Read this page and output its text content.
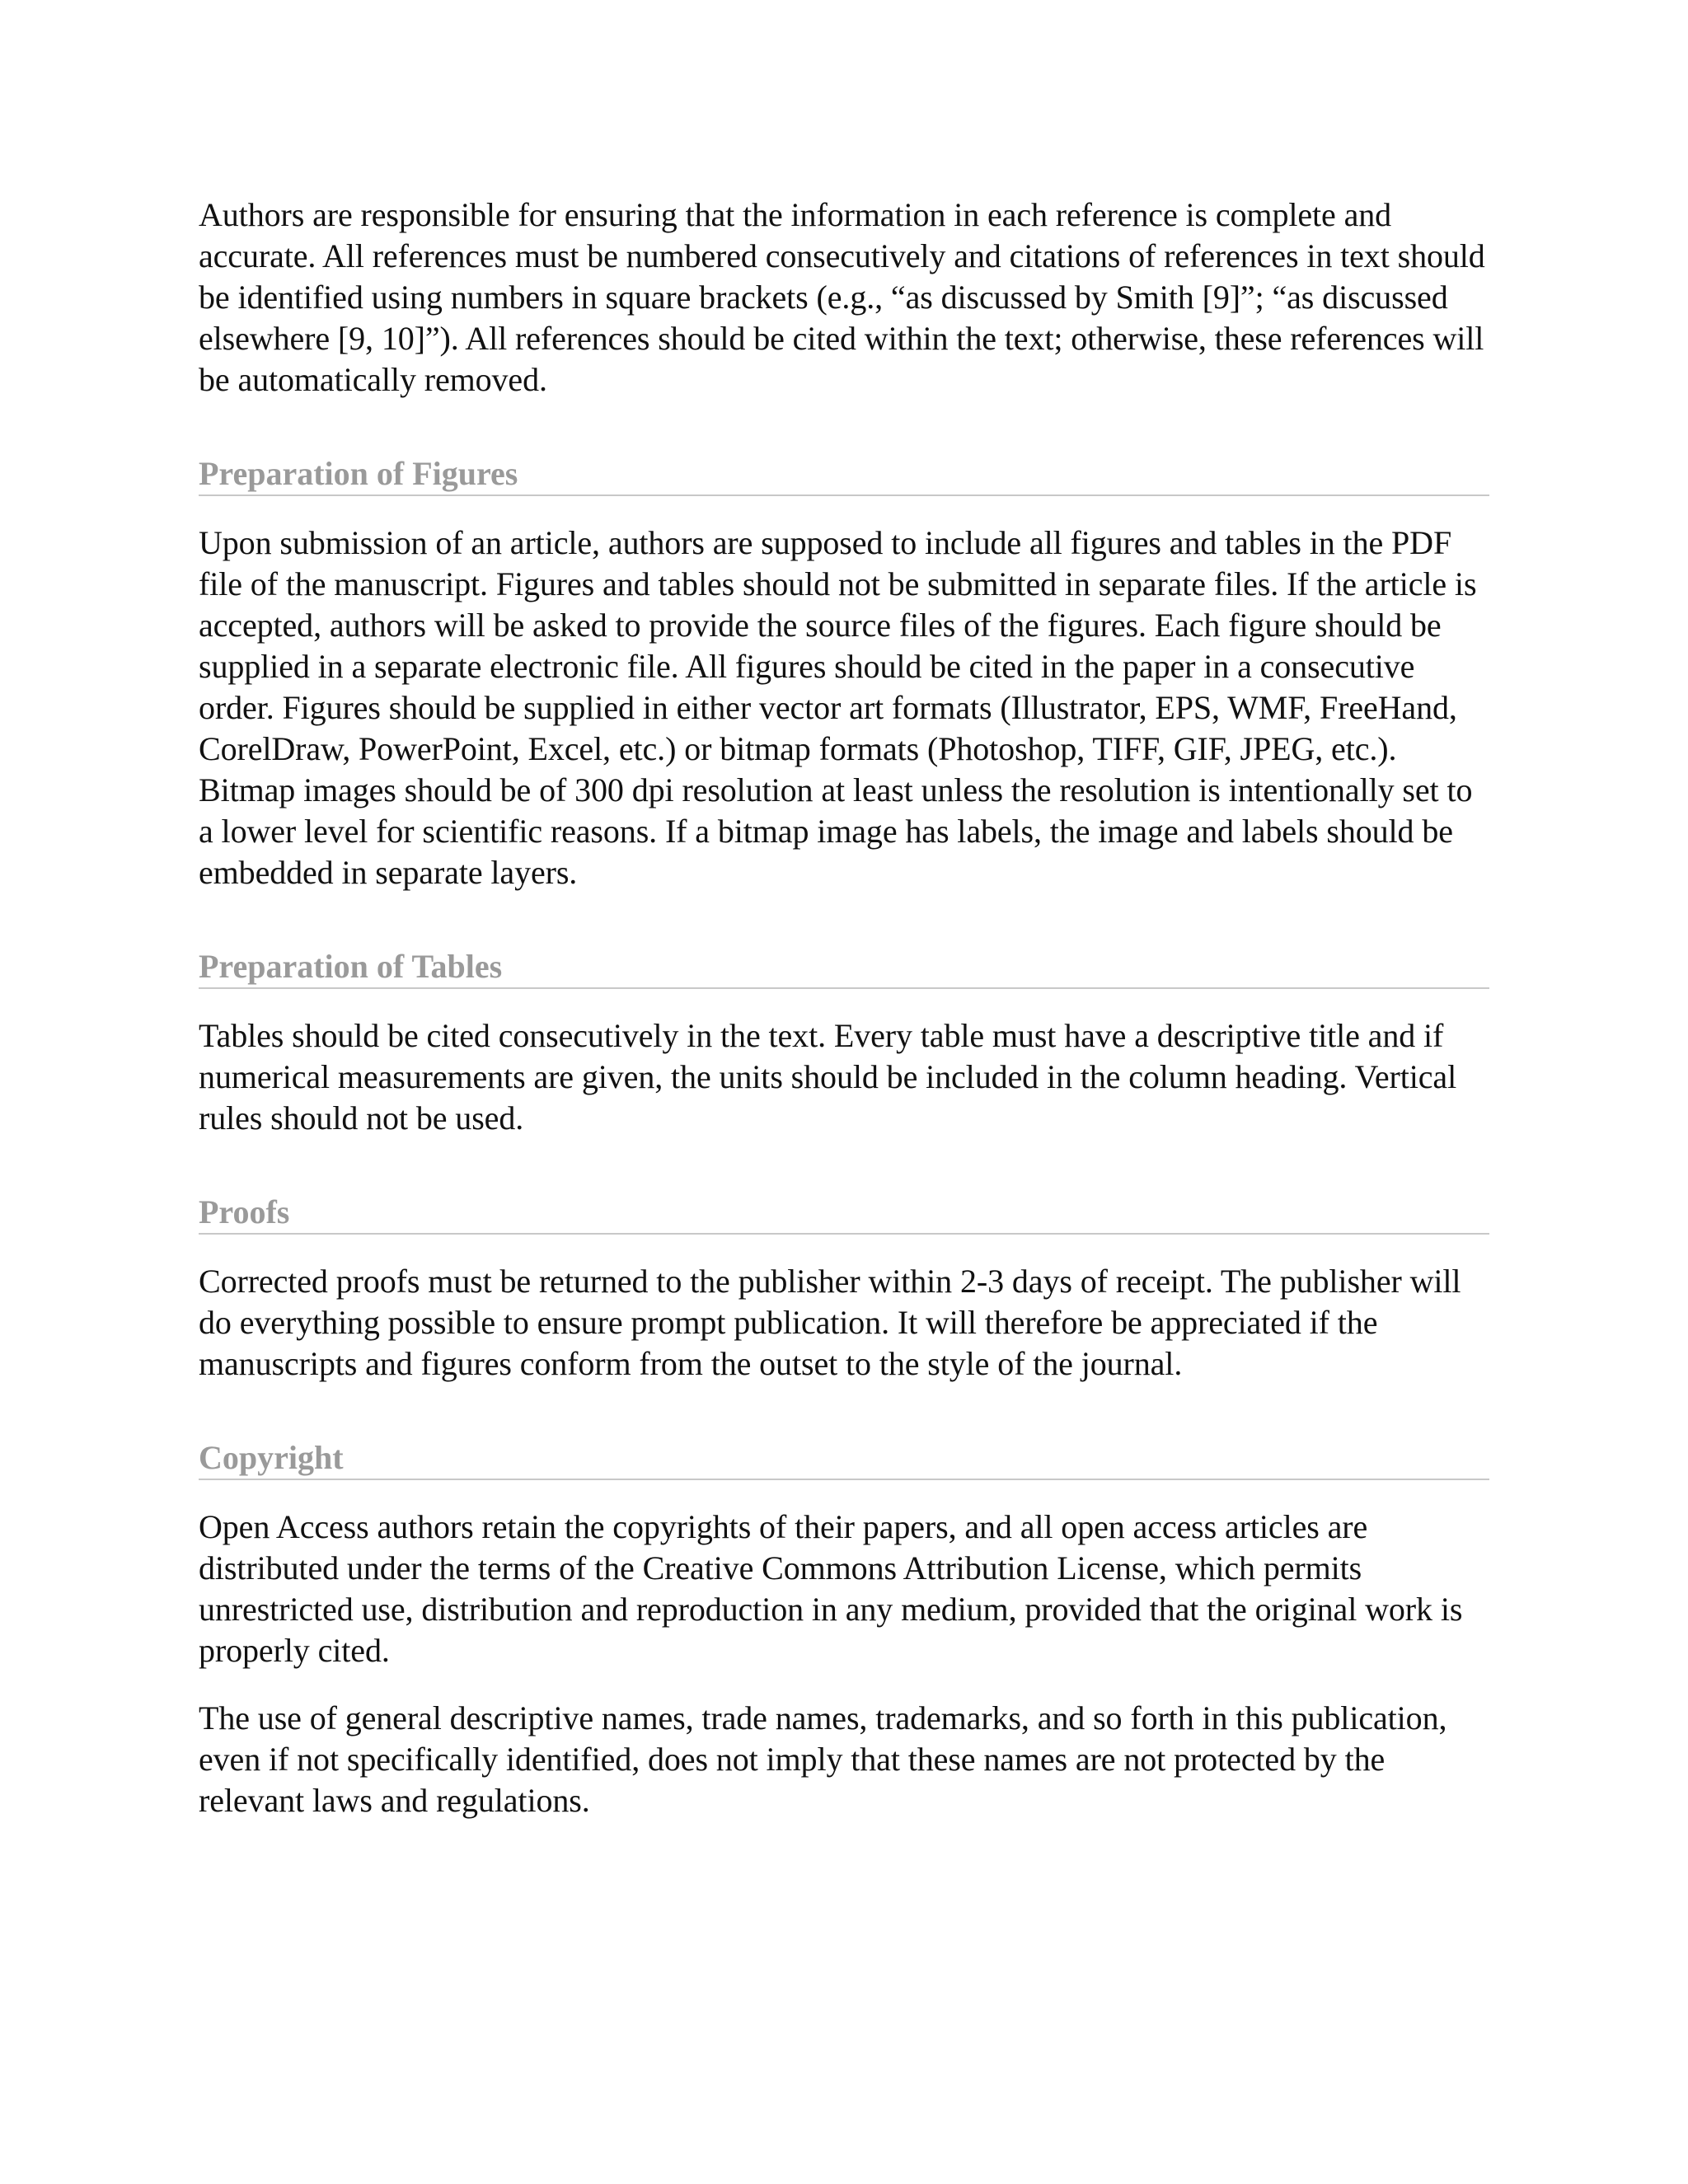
Authors are responsible for ensuring that the information in each reference is complete and accurate. All references must be numbered consecutively and citations of references in text should be identified using numbers in square brackets (e.g., “as discussed by Smith [9]”; “as discussed elsewhere [9, 10]”). All references should be cited within the text; otherwise, these references will be automatically removed.

Preparation of Figures

Upon submission of an article, authors are supposed to include all figures and tables in the PDF file of the manuscript. Figures and tables should not be submitted in separate files. If the article is accepted, authors will be asked to provide the source files of the figures. Each figure should be supplied in a separate electronic file. All figures should be cited in the paper in a consecutive order. Figures should be supplied in either vector art formats (Illustrator, EPS, WMF, FreeHand, CorelDraw, PowerPoint, Excel, etc.) or bitmap formats (Photoshop, TIFF, GIF, JPEG, etc.). Bitmap images should be of 300 dpi resolution at least unless the resolution is intentionally set to a lower level for scientific reasons. If a bitmap image has labels, the image and labels should be embedded in separate layers.

Preparation of Tables

Tables should be cited consecutively in the text. Every table must have a descriptive title and if numerical measurements are given, the units should be included in the column heading. Vertical rules should not be used.

Proofs

Corrected proofs must be returned to the publisher within 2-3 days of receipt. The publisher will do everything possible to ensure prompt publication. It will therefore be appreciated if the manuscripts and figures conform from the outset to the style of the journal.

Copyright

Open Access authors retain the copyrights of their papers, and all open access articles are distributed under the terms of the Creative Commons Attribution License, which permits unrestricted use, distribution and reproduction in any medium, provided that the original work is properly cited.

The use of general descriptive names, trade names, trademarks, and so forth in this publication, even if not specifically identified, does not imply that these names are not protected by the relevant laws and regulations.
